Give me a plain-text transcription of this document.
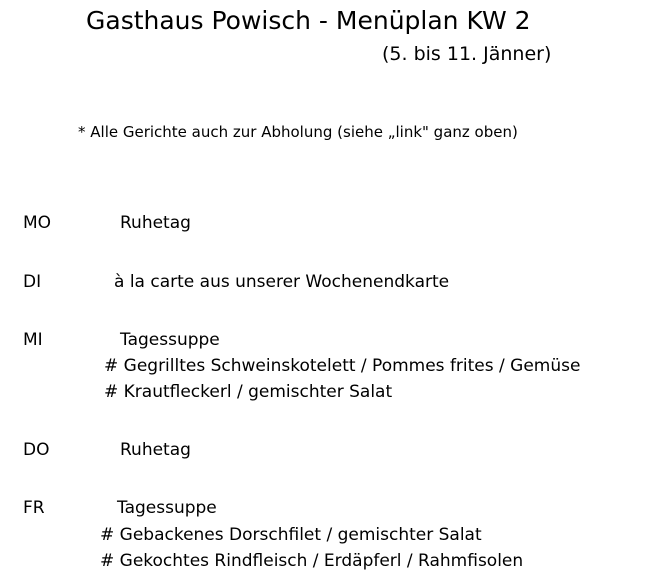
Gasthaus Powisch - Menüplan KW 2
(5. bis 11. Jänner)
* Alle Gerichte auch zur Abholung (siehe „link" ganz oben)
MO	Ruhetag
DI	à la carte aus unserer Wochenendkarte
MI	Tagessuppe
# Gegrilltes Schweinskotelett / Pommes frites / Gemüse
# Krautfleckerl / gemischter Salat
DO	Ruhetag
FR	Tagessuppe
# Gebackenes Dorschfilet / gemischter Salat
# Gekochtes Rindfleisch / Erdäpferl / Rahmfisolen
